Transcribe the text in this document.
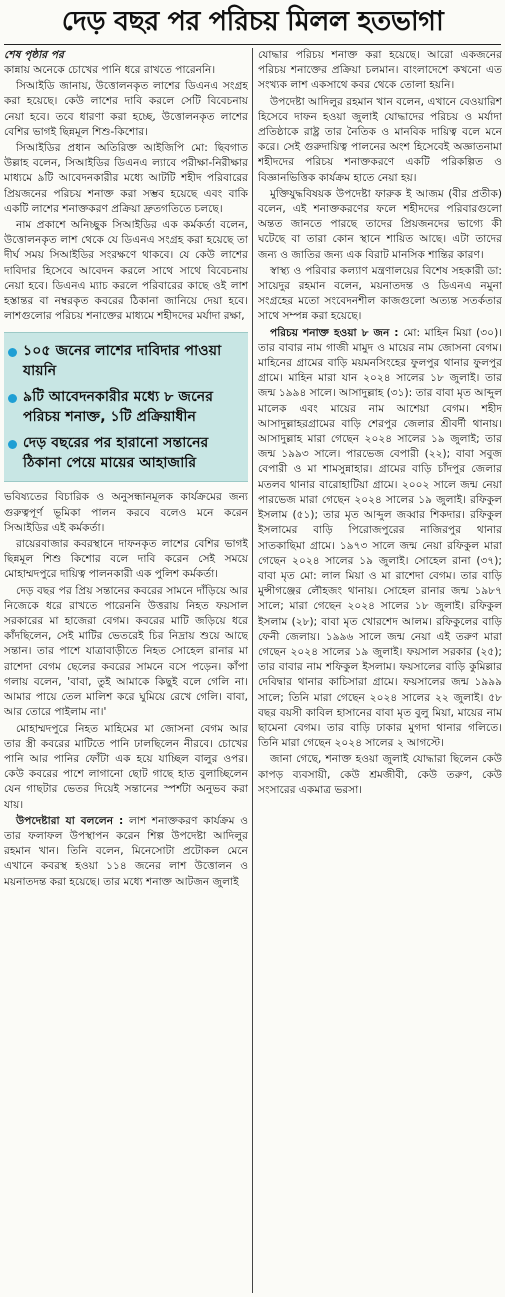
দেড় বছর পর পরিচয় মিলল হতভাগা

শেষ পৃষ্ঠার পর

কান্নায় অনেকে চোখের পানি ধরে রাখতে পারেননি।

সিআইডি জানায়, উত্তোলনকৃত লাশের ডিএনএ সংগ্রহ করা হয়েছে। কেউ লাশের দাবি করলে সেটি বিবেচনায় নেয়া হবে। তবে ধারণা করা হচ্ছে, উত্তোলনকৃত লাশের বেশির ভাগই ছিন্নমূল শিশু-কিশোর।

সিআইডির প্রধান অতিরিক্ত আইজিপি মো: ছিবগাত উল্লাহ বলেন, সিআইডির ডিএনএ ল্যাবে পরীক্ষা-নিরীক্ষার মাধ্যমে ৯টি আবেদনকারীর মধ্যে আটটি শহীদ পরিবারের প্রিয়জনের পরিচয় শনাক্ত করা সম্ভব হয়েছে এবং বাকি একটি লাশের শনাক্তকরণ প্রক্রিয়া দ্রুতগতিতে চলছে।

নাম প্রকাশে অনিচ্ছুক সিআইডির এক কর্মকর্তা বলেন, উত্তোলনকৃত লাশ থেকে যে ডিএনএ সংগ্রহ করা হয়েছে তা দীর্ঘ সময় সিআইডির সংরক্ষণে থাকবে। যে কেউ লাশের দাবিদার হিসেবে আবেদন করলে সাথে সাথে বিবেচনায় নেয়া হবে। ডিএনএ ম্যাচ করলে পরিবারের কাছে ওই লাশ হস্তান্তর বা নম্বরকৃত কবরের ঠিকানা জানিয়ে দেয়া হবে। লাশগুলোর পরিচয় শনাক্তের মাধ্যমে শহীদদের মর্যাদা রক্ষা,

১০৫ জনের লাশের দাবিদার পাওয়া যায়নি
৯টি আবেদনকারীর মধ্যে ৮ জনের পরিচয় শনাক্ত, ১টি প্রক্রিয়াধীন
দেড় বছরের পর হারানো সন্তানের ঠিকানা পেয়ে মায়ের আহাজারি

ভবিষ্যতের বিচারিক ও অনুসন্ধানমূলক কার্যক্রমের জন্য গুরুত্বপূর্ণ ভূমিকা পালন করবে বলেও মনে করেন সিআইডির এই কর্মকর্তা।

রায়েরবাজার কবরস্থানে দাফনকৃত লাশের বেশির ভাগই ছিন্নমূল শিশু কিশোর বলে দাবি করেন সেই সময়ে মোহাম্মদপুরে দায়িত্ব পালনকারী এক পুলিশ কর্মকর্তা।

দেড় বছর পর প্রিয় সন্তানের কবরের সামনে দাঁড়িয়ে আর নিজেকে ধরে রাখতে পারেননি উত্তরায় নিহত ফয়সাল সরকারের মা হাজেরা বেগম। কবরের মাটি জড়িয়ে ধরে কাঁদছিলেন, সেই মাটির ভেতরেই চির নিদ্রায় শুয়ে আছে সন্তান। তার পাশে যাত্রাবাড়ীতে নিহত সোহেল রানার মা রাশেদা বেগম ছেলের কবরের সামনে বসে পড়েন। কাঁপা গলায় বলেন, 'বাবা, তুই আমাকে কিছুই বলে গেলি না। আমার পায়ে তেল মালিশ করে ঘুমিয়ে রেখে গেলি। বাবা, আর তোরে পাইলাম না।'

মোহাম্মদপুরে নিহত মাহিমের মা জোসনা বেগম আর তার স্ত্রী কবরের মাটিতে পানি ঢালছিলেন নীরবে। চোখের পানি আর পানির ফোঁটা এক হয়ে যাচ্ছিল বালুর ওপর। কেউ কবরের পাশে লাগানো ছোট গাছে হাত বুলাচ্ছিলেন যেন গাছটার ভেতর দিয়েই সন্তানের স্পর্শটা অনুভব করা যায়।

উপদেষ্টারা যা বললেন : লাশ শনাক্তকরণ কার্যক্রম ও তার ফলাফল উপস্থাপন করেন শিল্প উপদেষ্টা আদিলুর রহমান খান। তিনি বলেন, মিনেসোটা প্রটোকল মেনে এখানে কবরস্থ হওয়া ১১৪ জনের লাশ উত্তোলন ও ময়নাতদন্ত করা হয়েছে। তার মধ্যে শনাক্ত আটজন জুলাই

যোদ্ধার পরিচয় শনাক্ত করা হয়েছে। আরো একজনের পরিচয় শনাক্তের প্রক্রিয়া চলমান। বাংলাদেশে কখনো এত সংখ্যক লাশ একসাথে কবর থেকে তোলা হয়নি।

উপদেষ্টা আদিলুর রহমান খান বলেন, এখানে বেওয়ারিশ হিসেবে দাফন হওয়া জুলাই যোদ্ধাদের পরিচয় ও মর্যাদা প্রতিষ্ঠাকে রাষ্ট্র তার নৈতিক ও মানবিক দায়িত্ব বলে মনে করে। সেই গুরুদায়িত্ব পালনের অংশ হিসেবেই অজ্ঞাতনামা শহীদদের পরিচয় শনাক্তকরণে একটি পরিকল্পিত ও বিজ্ঞানভিত্তিক কার্যক্রম হাতে নেয়া হয়।

মুক্তিযুদ্ধবিষয়ক উপদেষ্টা ফারুক ই আজম (বীর প্রতীক) বলেন, এই শনাক্তকরণের ফলে শহীদদের পরিবারগুলো অন্তত জানতে পারছে তাদের প্রিয়জনদের ভাগ্যে কী ঘটেছে বা তারা কোন স্থানে শায়িত আছে। এটা তাদের জন্য ও জাতির জন্য এক বিরাট মানসিক শান্তির কারণ।

স্বাস্থ্য ও পরিবার কল্যাণ মন্ত্রণালয়ের বিশেষ সহকারী ডা: সায়েদুর রহমান বলেন, ময়নাতদন্ত ও ডিএনএ নমুনা সংগ্রহের মতো সংবেদনশীল কাজগুলো অত্যন্ত সতর্কতার সাথে সম্পন্ন করা হয়েছে।

পরিচয় শনাক্ত হওয়া ৮ জন : মো: মাহিন মিয়া (৩০)। তার বাবার নাম গাজী মামুদ ও মায়ের নাম জোসনা বেগম। মাহিনের গ্রামের বাড়ি ময়মনসিংহের ফুলপুর থানার ফুলপুর গ্রামে। মাহিন মারা যান ২০২৪ সালের ১৮ জুলাই। তার জন্ম ১৯৯৪ সালে। আসাদুল্লাহ (৩১): তার বাবা মৃত আব্দুল মালেক এবং মায়ের নাম আশেয়া বেগম। শহীদ আসাদুল্লাহরগ্রামের বাড়ি শেরপুর জেলার শ্রীবর্দী থানায়। আসাদুল্লাহ মারা গেছেন ২০২৪ সালের ১৯ জুলাই; তার জন্ম ১৯৯৩ সালে। পারভেজ বেপারী (২২); বাবা সবুজ বেপারী ও মা শামসুন্নাহার। গ্রামের বাড়ি চাঁদপুর জেলার মতলব থানার বারোহাটিয়া গ্রামে। ২০০২ সালে জন্ম নেয়া পারভেজ মারা গেছেন ২০২৪ সালের ১৯ জুলাই। রফিকুল ইসলাম (৫১); তার মৃত আব্দুল জব্বার শিকদার। রফিকুল ইসলামের বাড়ি পিরোজপুরের নাজিরপুর থানার সাতকাছিমা গ্রামে। ১৯৭৩ সালে জন্ম নেয়া রফিকুল মারা গেছেন ২০২৪ সালের ১৯ জুলাই। সোহেল রানা (৩৭); বাবা মৃত মো: লাল মিয়া ও মা রাশেদা বেগম। তার বাড়ি মুন্সীগঞ্জের লৌহজং থানায়। সোহেল রানার জন্ম ১৯৮৭ সালে; মারা গেছেন ২০২৪ সালের ১৮ জুলাই। রফিকুল ইসলাম (২৮); বাবা মৃত খোরশেদ আলম। রফিকুলের বাড়ি ফেনী জেলায়। ১৯৯৬ সালে জন্ম নেয়া এই তরুণ মারা গেছেন ২০২৪ সালের ১৯ জুলাই। ফয়সাল সরকার (২৫); তার বাবার নাম শফিকুল ইসলাম। ফয়সালের বাড়ি কুমিল্লার দেবিদ্বার থানার কাচিসারা গ্রামে। ফয়সালের জন্ম ১৯৯৯ সালে; তিনি মারা গেছেন ২০২৪ সালের ২২ জুলাই। ৫৮ বছর বয়সী কাবিল হাসানের বাবা মৃত বুলু মিয়া, মায়ের নাম ছামেনা বেগম। তার বাড়ি ঢাকার মুগদা থানার গলিতে। তিনি মারা গেছেন ২০২৪ সালের ২ আগস্টে।

জানা গেছে, শনাক্ত হওয়া জুলাই যোদ্ধারা ছিলেন কেউ কাপড় ব্যবসায়ী, কেউ শ্রমজীবী, কেউ তরুণ, কেউ সংসারের একমাত্র ভরসা।
